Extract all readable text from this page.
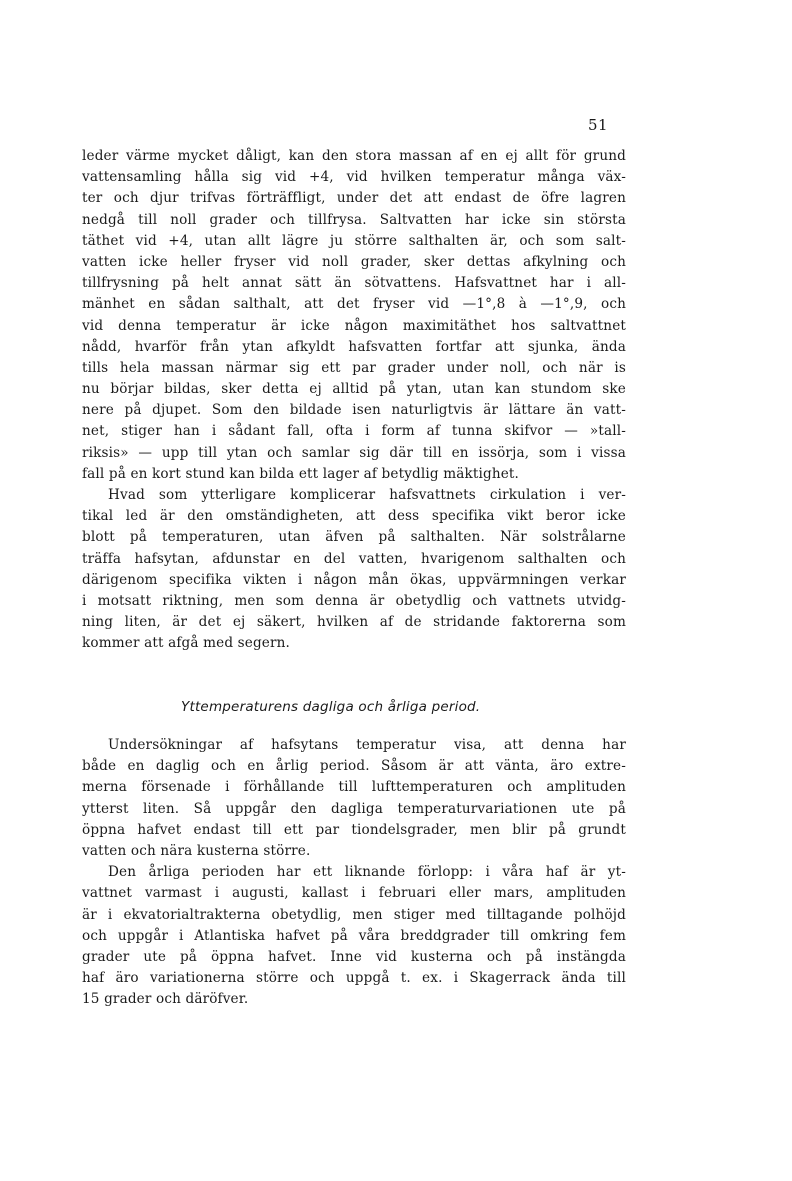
51
leder värme mycket dåligt, kan den stora massan af en ej allt för grund
vattensamling hålla sig vid +4, vid hvilken temperatur många väx-
ter och djur trifvas förträffligt, under det att endast de öfre lagren
nedgå till noll grader och tillfrysa. Saltvatten har icke sin största
täthet vid +4, utan allt lägre ju större salthalten är, och som salt-
vatten icke heller fryser vid noll grader, sker dettas afkylning och
tillfrysning på helt annat sätt än sötvattens. Hafsvattnet har i all-
mänhet en sådan salthalt, att det fryser vid —1°,8 à —1°,9, och
vid denna temperatur är icke någon maximitäthet hos saltvattnet
nådd, hvarför från ytan afkyldt hafsvatten fortfar att sjunka, ända
tills hela massan närmar sig ett par grader under noll, och när is
nu börjar bildas, sker detta ej alltid på ytan, utan kan stundom ske
nere på djupet. Som den bildade isen naturligtvis är lättare än vatt-
net, stiger han i sådant fall, ofta i form af tunna skifvor — »tall-
riksis» — upp till ytan och samlar sig där till en issörja, som i vissa
fall på en kort stund kan bilda ett lager af betydlig mäktighet.
Hvad som ytterligare komplicerar hafsvattnets cirkulation i ver-
tikal led är den omständigheten, att dess specifika vikt beror icke
blott på temperaturen, utan äfven på salthalten. När solstrålarne
träffa hafsytan, afdunstar en del vatten, hvarigenom salthalten och
därigenom specifika vikten i någon mån ökas, uppvärmningen verkar
i motsatt riktning, men som denna är obetydlig och vattnets utvidg-
ning liten, är det ej säkert, hvilken af de stridande faktorerna som
kommer att afgå med segern.
Yttemperaturens dagliga och årliga period.
Undersökningar af hafsytans temperatur visa, att denna har
både en daglig och en årlig period. Såsom är att vänta, äro extre-
merna försenade i förhållande till lufttemperaturen och amplituden
ytterst liten. Så uppgår den dagliga temperaturvariationen ute på
öppna hafvet endast till ett par tiondelsgrader, men blir på grundt
vatten och nära kusterna större.
Den årliga perioden har ett liknande förlopp: i våra haf är yt-
vattnet varmast i augusti, kallast i februari eller mars, amplituden
är i ekvatorialtrakterna obetydlig, men stiger med tilltagande polhöjd
och uppgår i Atlantiska hafvet på våra breddgrader till omkring fem
grader ute på öppna hafvet. Inne vid kusterna och på instängda
haf äro variationerna större och uppgå t. ex. i Skagerrack ända till
15 grader och däröfver.
